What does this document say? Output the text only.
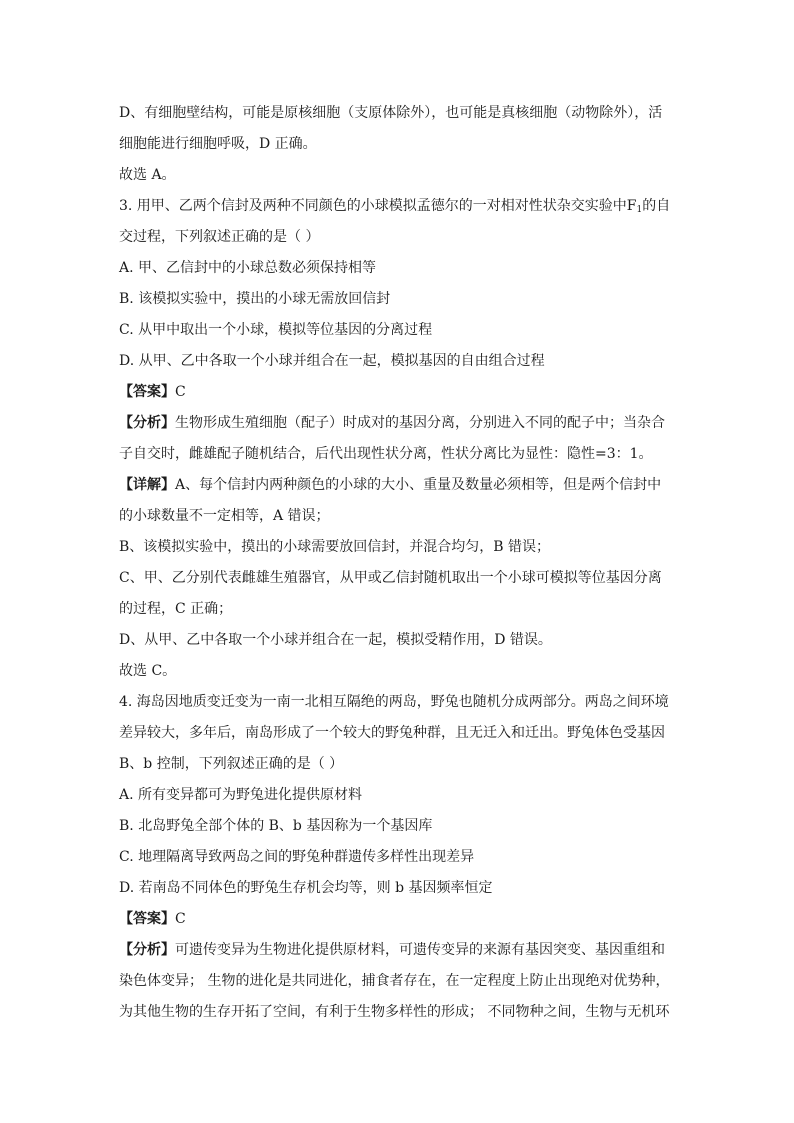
D、有细胞壁结构，可能是原核细胞（支原体除外），也可能是真核细胞（动物除外），活
细胞能进行细胞呼吸，D 正确。
故选 A。
3. 用甲、乙两个信封及两种不同颜色的小球模拟孟德尔的一对相对性状杂交实验中$F_1$的自
交过程，下列叙述正确的是（ ）
A. 甲、乙信封中的小球总数必须保持相等
B. 该模拟实验中，摸出的小球无需放回信封
C. 从甲中取出一个小球，模拟等位基因的分离过程
D. 从甲、乙中各取一个小球并组合在一起，模拟基因的自由组合过程
【答案】C
【分析】生物形成生殖细胞（配子）时成对的基因分离，分别进入不同的配子中；当杂合
子自交时，雌雄配子随机结合，后代出现性状分离，性状分离比为显性：隐性=3：1。
【详解】A、每个信封内两种颜色的小球的大小、重量及数量必须相等，但是两个信封中
的小球数量不一定相等，A 错误；
B、该模拟实验中，摸出的小球需要放回信封，并混合均匀，B 错误；
C、甲、乙分别代表雌雄生殖器官，从甲或乙信封随机取出一个小球可模拟等位基因分离
的过程，C 正确；
D、从甲、乙中各取一个小球并组合在一起，模拟受精作用，D 错误。
故选 C。
4. 海岛因地质变迁变为一南一北相互隔绝的两岛，野兔也随机分成两部分。两岛之间环境
差异较大，多年后，南岛形成了一个较大的野兔种群，且无迁入和迁出。野兔体色受基因
B、b 控制，下列叙述正确的是（ ）
A. 所有变异都可为野兔进化提供原材料
B. 北岛野兔全部个体的 B、b 基因称为一个基因库
C. 地理隔离导致两岛之间的野兔种群遗传多样性出现差异
D. 若南岛不同体色的野兔生存机会均等，则 b 基因频率恒定
【答案】C
【分析】可遗传变异为生物进化提供原材料，可遗传变异的来源有基因突变、基因重组和
染色体变异； 生物的进化是共同进化，捕食者存在，在一定程度上防止出现绝对优势种，
为其他生物的生存开拓了空间，有利于生物多样性的形成； 不同物种之间，生物与无机环
